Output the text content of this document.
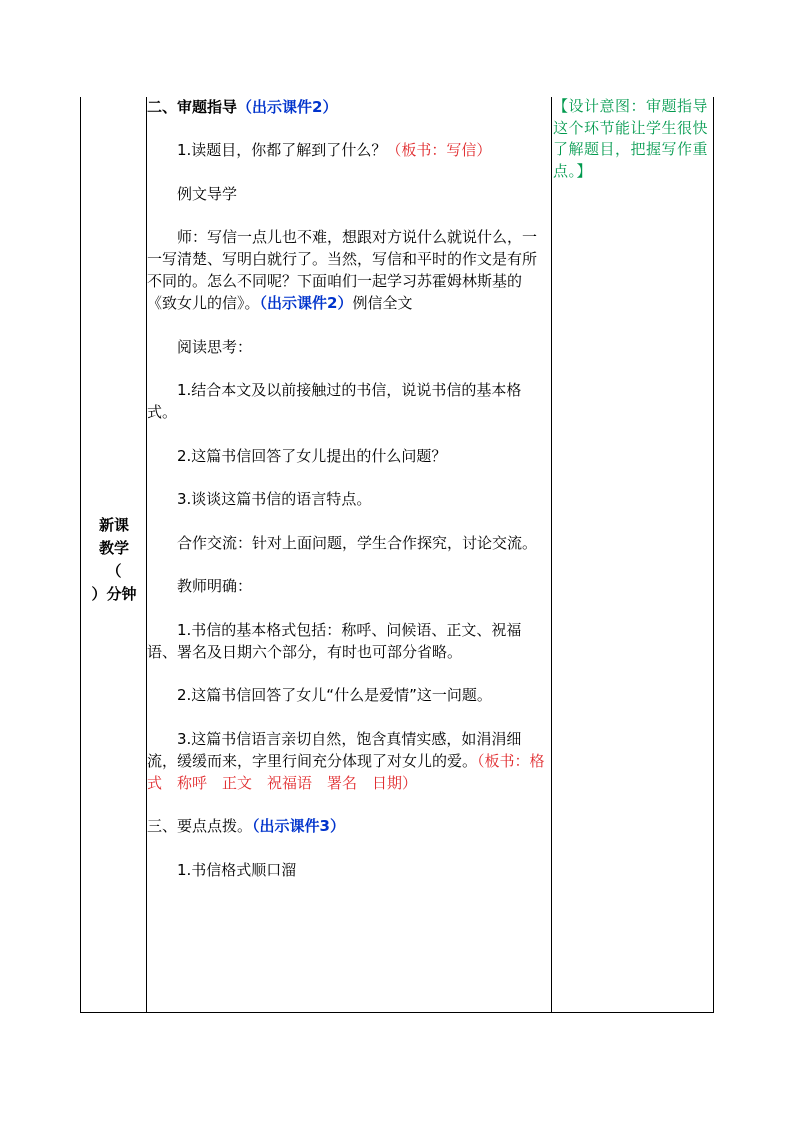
新课
教学
（
）分钟

二、审题指导（出示课件2）

1.读题目，你都了解到了什么？（板书：写信）

例文导学

师：写信一点儿也不难，想跟对方说什么就说什么，一一写清楚、写明白就行了。当然，写信和平时的作文是有所不同的。怎么不同呢？下面咱们一起学习苏霍姆林斯基的《致女儿的信》。（出示课件2）例信全文

阅读思考：

1.结合本文及以前接触过的书信，说说书信的基本格式。

2.这篇书信回答了女儿提出的什么问题？

3.谈谈这篇书信的语言特点。

合作交流：针对上面问题，学生合作探究，讨论交流。

教师明确：

1.书信的基本格式包括：称呼、问候语、正文、祝福语、署名及日期六个部分，有时也可部分省略。

2.这篇书信回答了女儿“什么是爱情”这一问题。

3.这篇书信语言亲切自然，饱含真情实感，如涓涓细流，缓缓而来，字里行间充分体现了对女儿的爱。（板书：格式　称呼　正文　祝福语　署名　日期）

三、要点点拨。（出示课件3）

1.书信格式顺口溜

【设计意图：审题指导这个环节能让学生很快了解题目，把握写作重点。】
